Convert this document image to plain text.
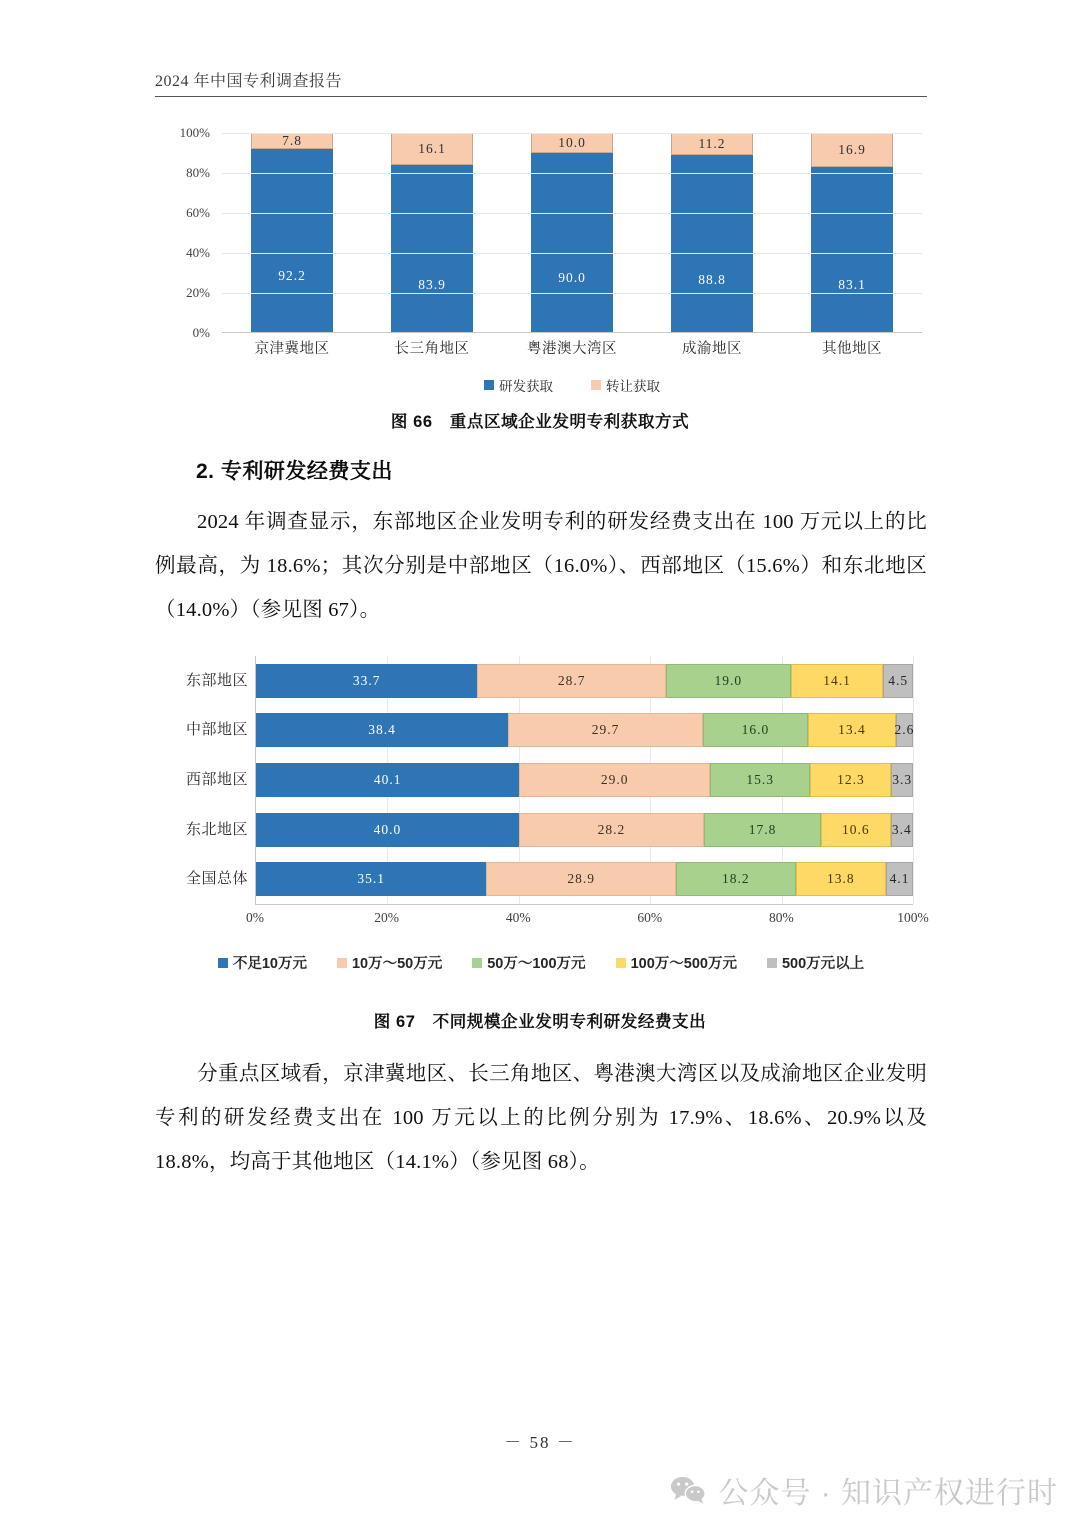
2024 年中国专利调查报告
0%
20%
40%
60%
80%
100%
7.8
92.2
16.1
83.9
10.0
90.0
11.2
88.8
16.9
83.1
京津冀地区	长三角地区	粤港澳大湾区	成渝地区	其他地区
研发获取	转让获取
图 66　重点区域企业发明专利获取方式
2. 专利研发经费支出
2024 年调查显示，东部地区企业发明专利的研发经费支出在 100 万元以上的比例最高，为 18.6%；其次分别是中部地区（16.0%）、西部地区（15.6%）和东北地区（14.0%）（参见图 67）。
东部地区	33.7	28.7	19.0	14.1	4.5
中部地区	38.4	29.7	16.0	13.4 2.6
西部地区	40.1	29.0	15.3	12.3 3.3
东北地区	40.0	28.2	17.8	10.6 3.4
全国总体	35.1	28.9	18.2	13.8	4.1
0%	20%	40%	60%	80%	100%
不足10万元	10万～50万元	50万～100万元	100万～500万元	500万元以上
图 67　不同规模企业发明专利研发经费支出
分重点区域看，京津冀地区、长三角地区、粤港澳大湾区以及成渝地区企业发明专利的研发经费支出在 100 万元以上的比例分别为 17.9%、18.6%、20.9%以及 18.8%，均高于其他地区（14.1%）（参见图 68）。
－ 58 －
公众号 · 知识产权进行时
